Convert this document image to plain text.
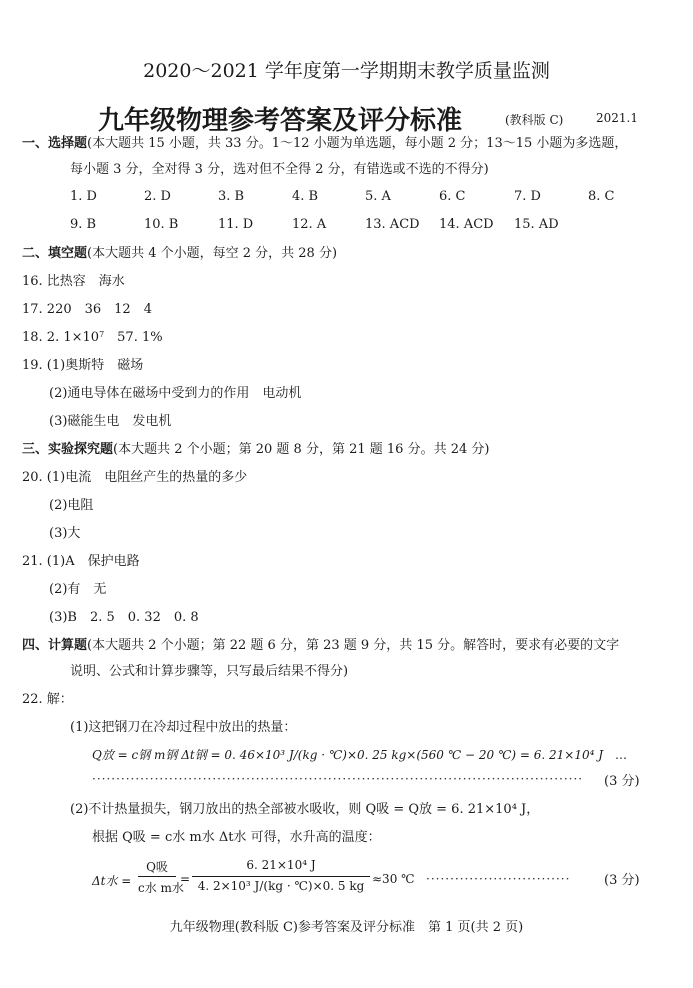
2020～2021 学年度第一学期期末教学质量监测
九年级物理参考答案及评分标准	(教科版 C)	2021.1
一、选择题(本大题共 15 小题，共 33 分。1～12 小题为单选题，每小题 2 分；13～15 小题为多选题，
每小题 3 分，全对得 3 分，选对但不全得 2 分，有错选或不选的不得分)
1. D	2. D	3. B	4. B	5. A	6. C	7. D	8. C
9. B	10. B	11. D	12. A	13. ACD 14. ACD 15. AD
二、填空题(本大题共 4 个小题，每空 2 分，共 28 分)
16. 比热容　海水
17. 220　36　12　4
18. 2. $1\times 10^7$　57. 1%
19. (1)奥斯特　磁场
(2)通电导体在磁场中受到力的作用　电动机
(3)磁能生电　发电机
三、实验探究题(本大题共 2 个小题；第 20 题 8 分，第 21 题 16 分。共 24 分)
20. (1)电流　电阻丝产生的热量的多少
(2)电阻
(3)大
21. (1)A　保护电路
(2)有　无
(3)B　2. 5　0. 32　0. 8
四、计算题(本大题共 2 个小题；第 22 题 6 分，第 23 题 9 分，共 15 分。解答时，要求有必要的文字
说明、公式和计算步骤等，只写最后结果不得分)
22. 解：
(1)这把钢刀在冷却过程中放出的热量：
Q放 = c钢 m钢 Δt钢 = 0. 46×10³ J/(kg · ℃)×0. 25 kg×(560 ℃ − 20 ℃) = 6. 21×10⁴ J　…
······································································································	(3 分)
(2)不计热量损失，钢刀放出的热全部被水吸收，则 Q吸 = Q放 = 6. 21×10⁴ J，
根据 Q吸 = c水 m水 Δt水 可得，水升高的温度：
Δt水 =
Q吸
c水 m水
=
6. 21×10⁴ J
4. 2×10³ J/(kg · ℃)×0. 5 kg ≈30 ℃ ······························	(3 分)
九年级物理(教科版 C)参考答案及评分标准　第 1 页(共 2 页)
